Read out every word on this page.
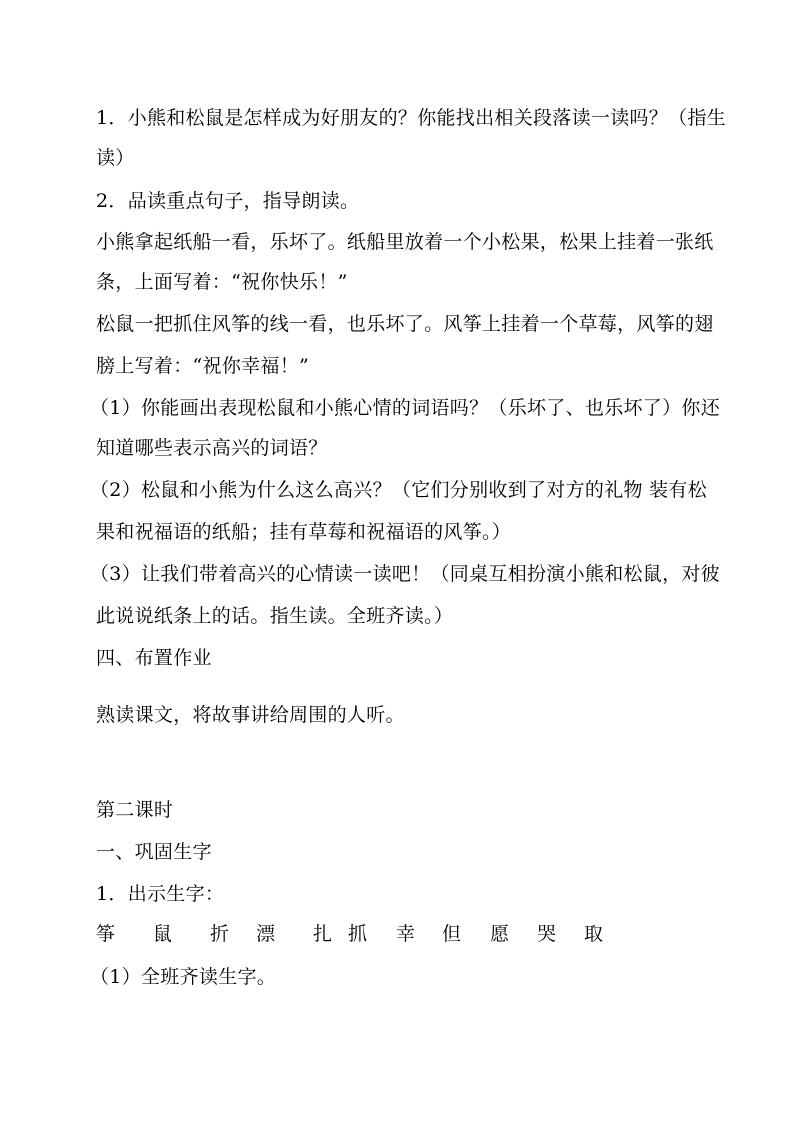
1．小熊和松鼠是怎样成为好朋友的？你能找出相关段落读一读吗？（指生
读）
2．品读重点句子，指导朗读。
小熊拿起纸船一看，乐坏了。纸船里放着一个小松果，松果上挂着一张纸
条，上面写着：“祝你快乐！”
松鼠一把抓住风筝的线一看，也乐坏了。风筝上挂着一个草莓，风筝的翅
膀上写着：“祝你幸福！”
（1）你能画出表现松鼠和小熊心情的词语吗？（乐坏了、也乐坏了）你还
知道哪些表示高兴的词语？
（2）松鼠和小熊为什么这么高兴？（它们分别收到了对方的礼物 装有松
果和祝福语的纸船；挂有草莓和祝福语的风筝。）
（3）让我们带着高兴的心情读一读吧！（同桌互相扮演小熊和松鼠，对彼
此说说纸条上的话。指生读。全班齐读。）
四、布置作业
熟读课文，将故事讲给周围的人听。
第二课时
一、巩固生字
1．出示生字：
筝 鼠 折 漂 扎 抓 幸 但 愿 哭 取
（1）全班齐读生字。
